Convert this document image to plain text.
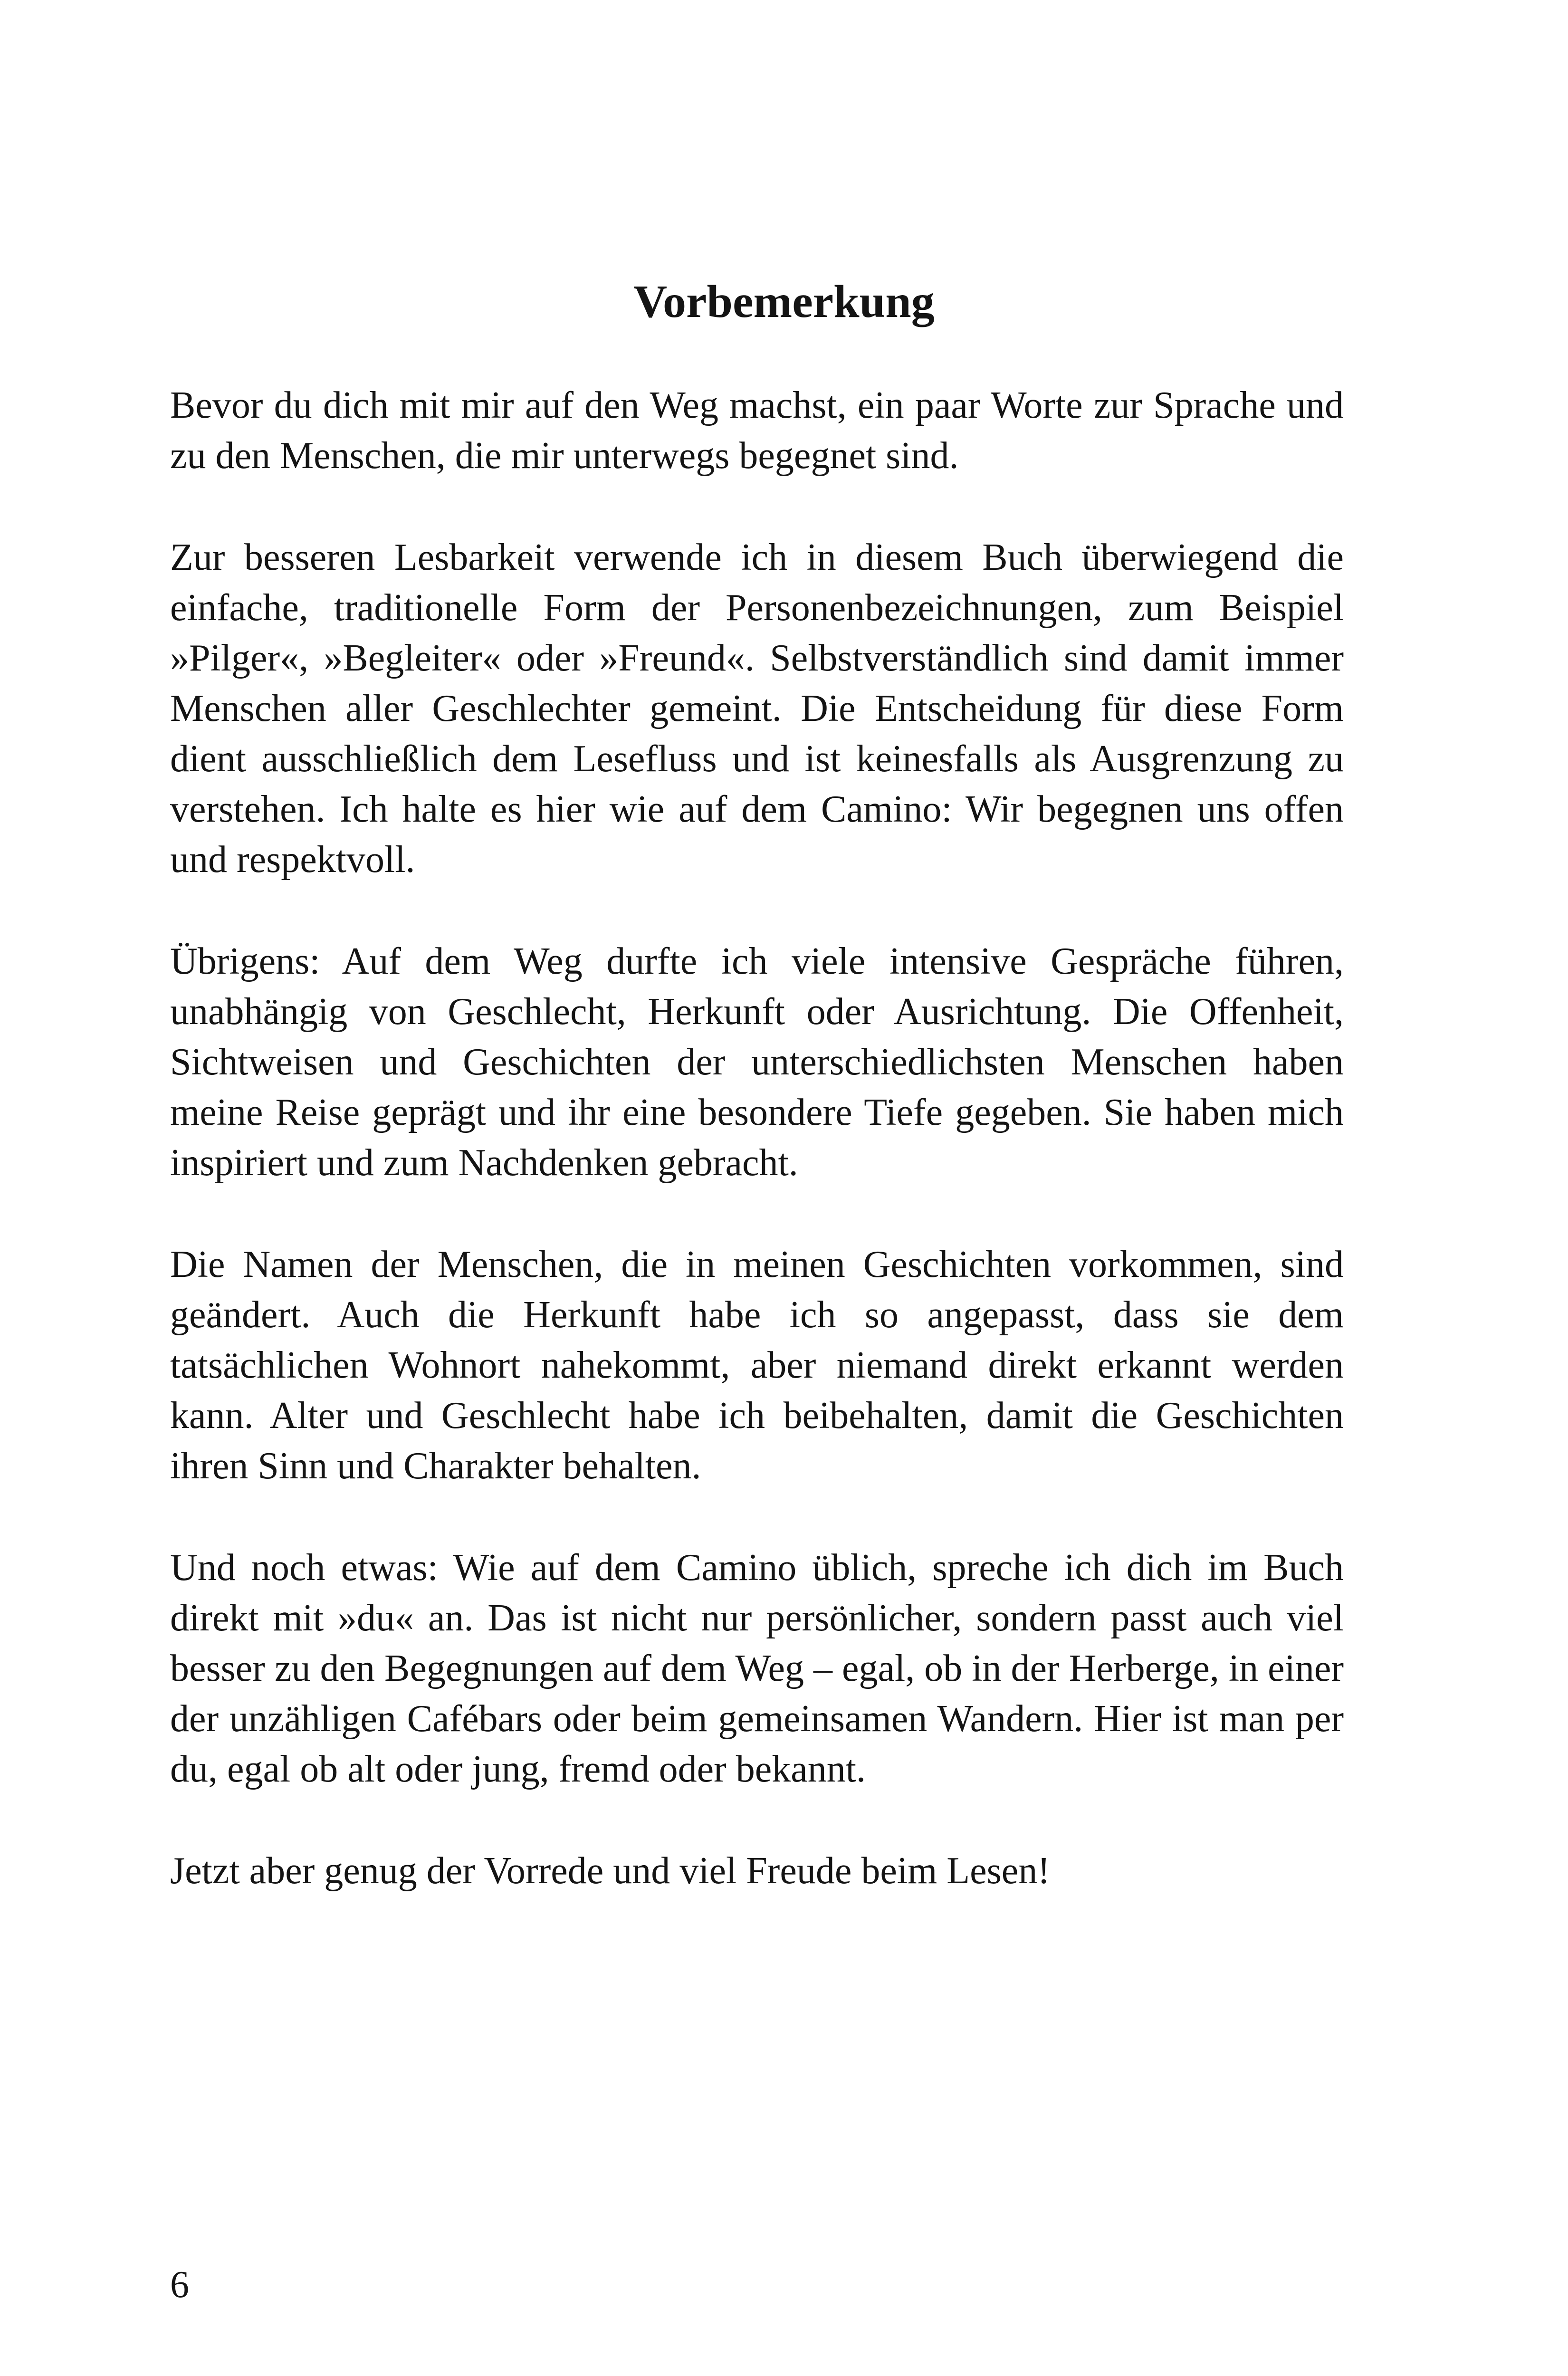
Vorbemerkung

Bevor du dich mit mir auf den Weg machst, ein paar Worte zur Sprache und zu den Menschen, die mir unterwegs begegnet sind.

Zur besseren Lesbarkeit verwende ich in diesem Buch überwiegend die einfache, traditionelle Form der Personenbezeichnungen, zum Beispiel »Pilger«, »Begleiter« oder »Freund«. Selbstverständlich sind damit immer Menschen aller Geschlechter gemeint. Die Entscheidung für diese Form dient ausschließlich dem Lesefluss und ist keinesfalls als Ausgrenzung zu verstehen. Ich halte es hier wie auf dem Camino: Wir begegnen uns offen und respektvoll.

Übrigens: Auf dem Weg durfte ich viele intensive Gespräche führen, unabhängig von Geschlecht, Herkunft oder Ausrichtung. Die Offenheit, Sichtweisen und Geschichten der unterschiedlichsten Menschen haben meine Reise geprägt und ihr eine besondere Tiefe gegeben. Sie haben mich inspiriert und zum Nachdenken gebracht.

Die Namen der Menschen, die in meinen Geschichten vorkommen, sind geändert. Auch die Herkunft habe ich so angepasst, dass sie dem tatsächlichen Wohnort nahekommt, aber niemand direkt erkannt werden kann. Alter und Geschlecht habe ich beibehalten, damit die Geschichten ihren Sinn und Charakter behalten.

Und noch etwas: Wie auf dem Camino üblich, spreche ich dich im Buch direkt mit »du« an. Das ist nicht nur persönlicher, sondern passt auch viel besser zu den Begegnungen auf dem Weg – egal, ob in der Herberge, in einer der unzähligen Cafébars oder beim gemeinsamen Wandern. Hier ist man per du, egal ob alt oder jung, fremd oder bekannt.

Jetzt aber genug der Vorrede und viel Freude beim Lesen!

6
